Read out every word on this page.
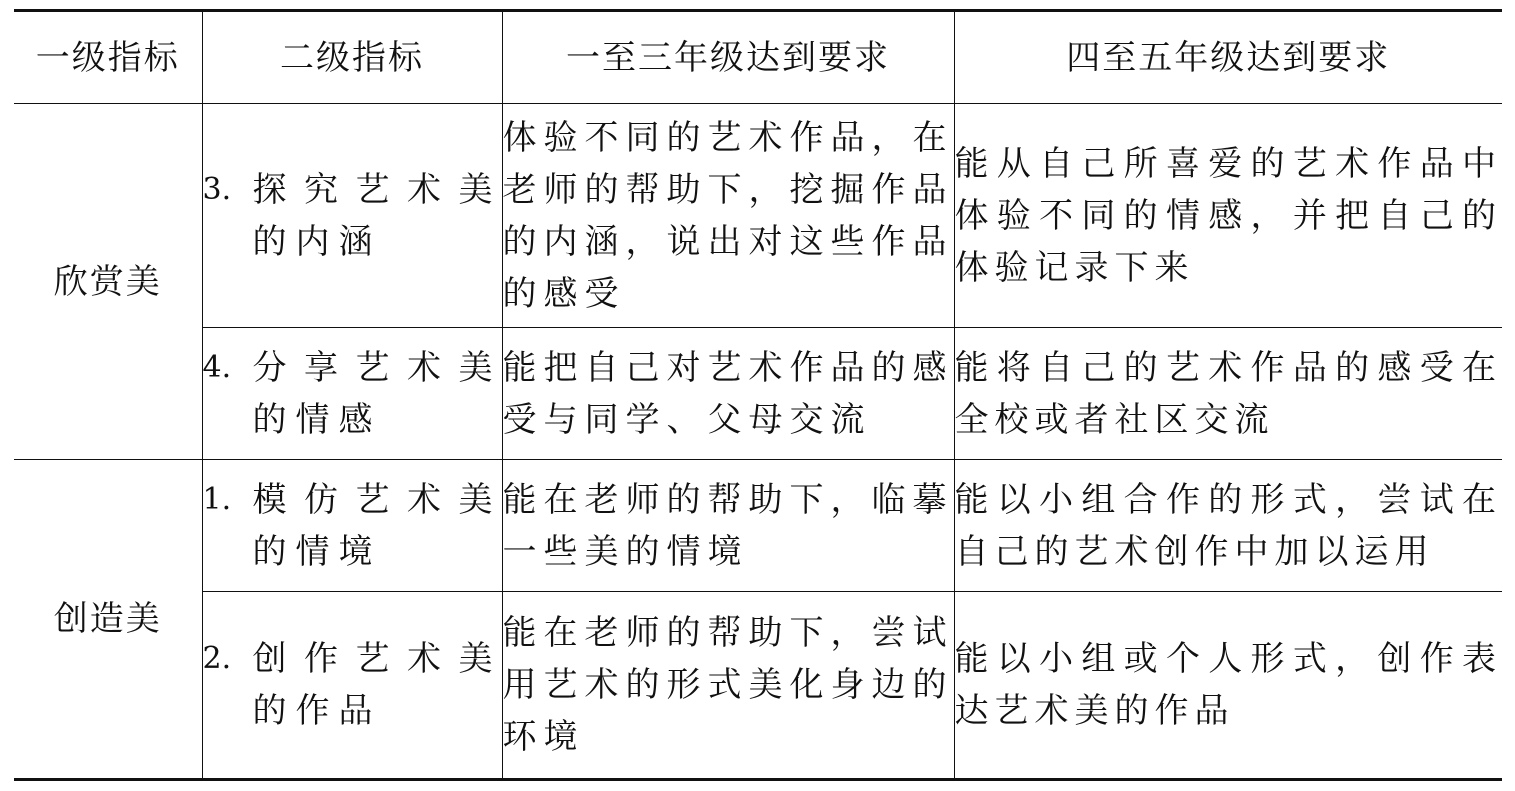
一级指标	二级指标	一至三年级达到要求	四至五年级达到要求
欣赏美	3. 探究艺术美的内涵	体验不同的艺术作品，在老师的帮助下，挖掘作品的内涵，说出对这些作品的感受	能从自己所喜爱的艺术作品中体验不同的情感，并把自己的体验记录下来

	4. 分享艺术美的情感	能把自己对艺术作品的感受与同学、父母交流	能将自己的艺术作品的感受在全校或者社区交流
创造美	1. 模仿艺术美的情境	能在老师的帮助下，临摹一些美的情境	能以小组合作的形式，尝试在自己的艺术创作中加以运用

	2. 创作艺术美的作品	能在老师的帮助下，尝试用艺术的形式美化身边的环境	能以小组或个人形式，创作表达艺术美的作品
